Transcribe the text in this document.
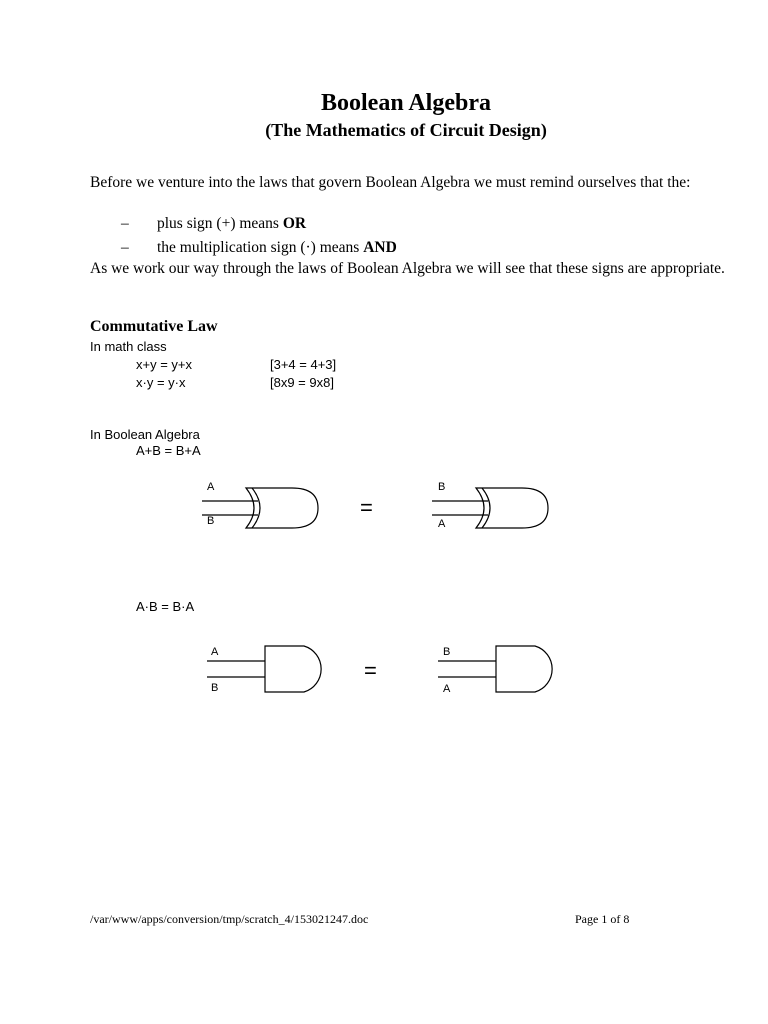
Boolean Algebra
(The Mathematics of Circuit Design)
Before we venture into the laws that govern Boolean Algebra we must remind ourselves that the:
– plus sign (+) means OR
– the multiplication sign (·) means AND
As we work our way through the laws of Boolean Algebra we will see that these signs are appropriate.
Commutative Law
In math class
x+y = y+x	[3+4 = 4+3]
x·y = y·x	[8x9 = 9x8]
In Boolean Algebra
A+B = B+A
A
B
=
B
A
A·B = B·A
A
B
=
B
A
/var/www/apps/conversion/tmp/scratch_4/153021247.doc	Page 1 of 8
